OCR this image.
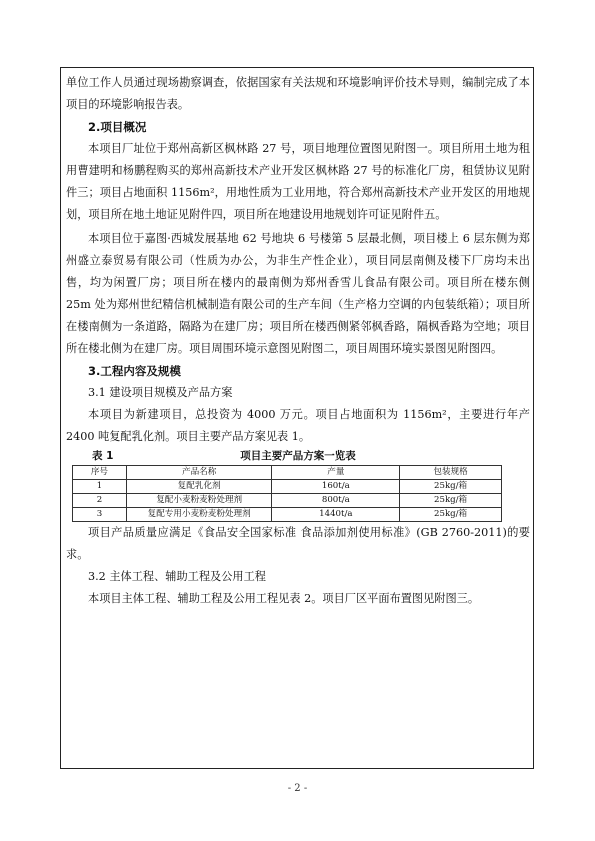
单位工作人员通过现场勘察调查，依据国家有关法规和环境影响评价技术导则，编制完成了本项目的环境影响报告表。

2.项目概况

本项目厂址位于郑州高新区枫林路 27 号，项目地理位置图见附图一。项目所用土地为租用曹建明和杨鹏程购买的郑州高新技术产业开发区枫林路 27 号的标准化厂房，租赁协议见附件三；项目占地面积 1156m²，用地性质为工业用地，符合郑州高新技术产业开发区的用地规划，项目所在地土地证见附件四，项目所在地建设用地规划许可证见附件五。

本项目位于嘉图·西城发展基地 62 号地块 6 号楼第 5 层最北侧，项目楼上 6 层东侧为郑州盛立泰贸易有限公司（性质为办公，为非生产性企业），项目同层南侧及楼下厂房均未出售，均为闲置厂房；项目所在楼内的最南侧为郑州香雪儿食品有限公司。项目所在楼东侧 25m 处为郑州世纪精信机械制造有限公司的生产车间（生产格力空调的内包装纸箱）；项目所在楼南侧为一条道路，隔路为在建厂房；项目所在楼西侧紧邻枫香路，隔枫香路为空地；项目所在楼北侧为在建厂房。项目周围环境示意图见附图二，项目周围环境实景图见附图四。

3.工程内容及规模
3.1 建设项目规模及产品方案

本项目为新建项目，总投资为 4000 万元。项目占地面积为 1156m²，主要进行年产 2400 吨复配乳化剂。项目主要产品方案见表 1。

表 1	项目主要产品方案一览表
序号	产品名称	产量	包装规格
1	复配乳化剂	160t/a	25kg/箱
2	复配小麦粉麦粉处理剂	800t/a	25kg/箱
3	复配专用小麦粉麦粉处理剂	1440t/a	25kg/箱

项目产品质量应满足《食品安全国家标准 食品添加剂使用标准》(GB 2760-2011)的要求。

3.2 主体工程、辅助工程及公用工程

本项目主体工程、辅助工程及公用工程见表 2。项目厂区平面布置图见附图三。

- 2 -
